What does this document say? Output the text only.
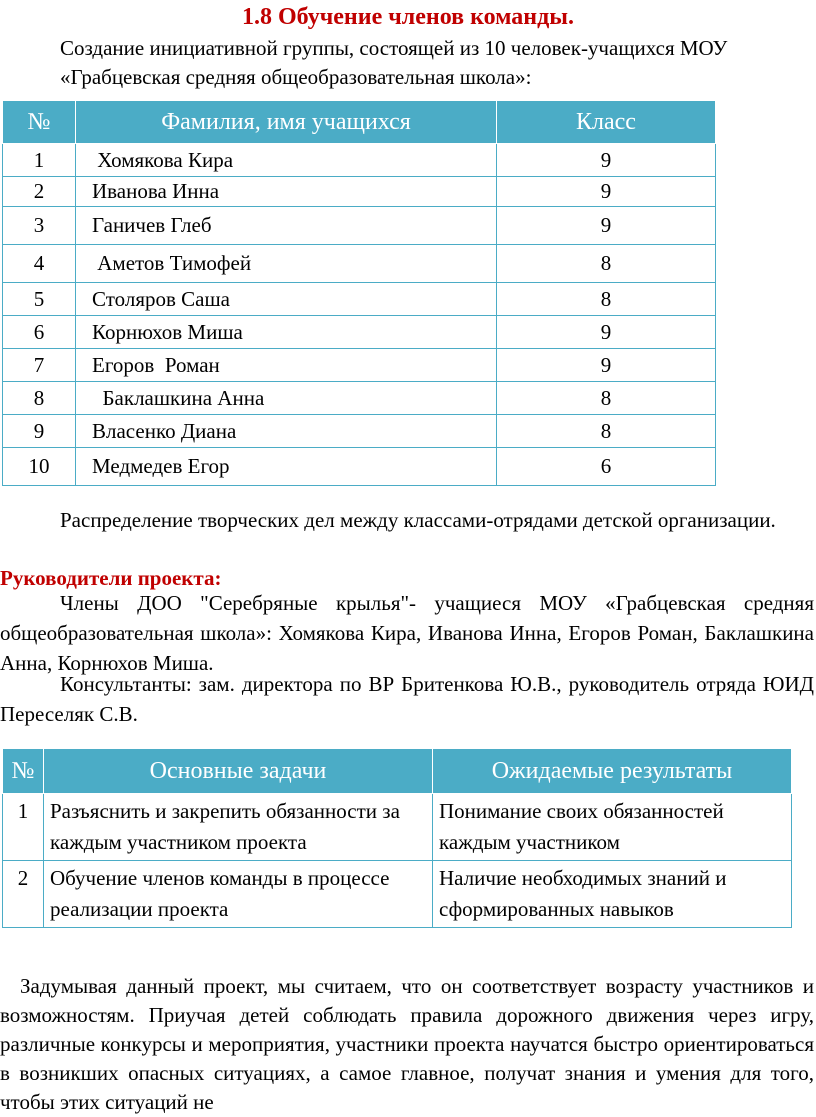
1.8 Обучение членов команды.
Создание инициативной группы, состоящей из 10 человек-учащихся МОУ «Грабцевская средняя общеобразовательная школа»:
№	Фамилия, имя учащихся	Класс
1	Хомякова Кира	9
2	Иванова Инна	9
3	Ганичев Глеб	9
4	Аметов Тимофей	8
5	Столяров Саша	8
6	Корнюхов Миша	9
7	Егоров  Роман	9
8	Баклашкина Анна	8
9	Власенко Диана	8
10	Медмедев Егор	6
Распределение творческих дел между классами-отрядами детской организации.
Руководители проекта:
Члены ДОО "Серебряные крылья"- учащиеся МОУ «Грабцевская средняя общеобразовательная школа»: Хомякова Кира, Иванова Инна, Егоров Роман, Баклашкина Анна, Корнюхов Миша.
Консультанты: зам. директора по ВР Бритенкова Ю.В., руководитель отряда ЮИД Переселяк С.В.
№	Основные задачи	Ожидаемые результаты
1	Разъяснить и закрепить обязанности за каждым участником проекта	Понимание своих обязанностей каждым участником
2	Обучение членов команды в процессе реализации проекта	Наличие необходимых знаний и сформированных навыков
Задумывая данный проект, мы считаем, что он соответствует возрасту участников и возможностям. Приучая детей соблюдать правила дорожного движения через игру, различные конкурсы и мероприятия, участники проекта научатся быстро ориентироваться в возникших опасных ситуациях, а самое главное, получат знания и умения для того, чтобы этих ситуаций не
